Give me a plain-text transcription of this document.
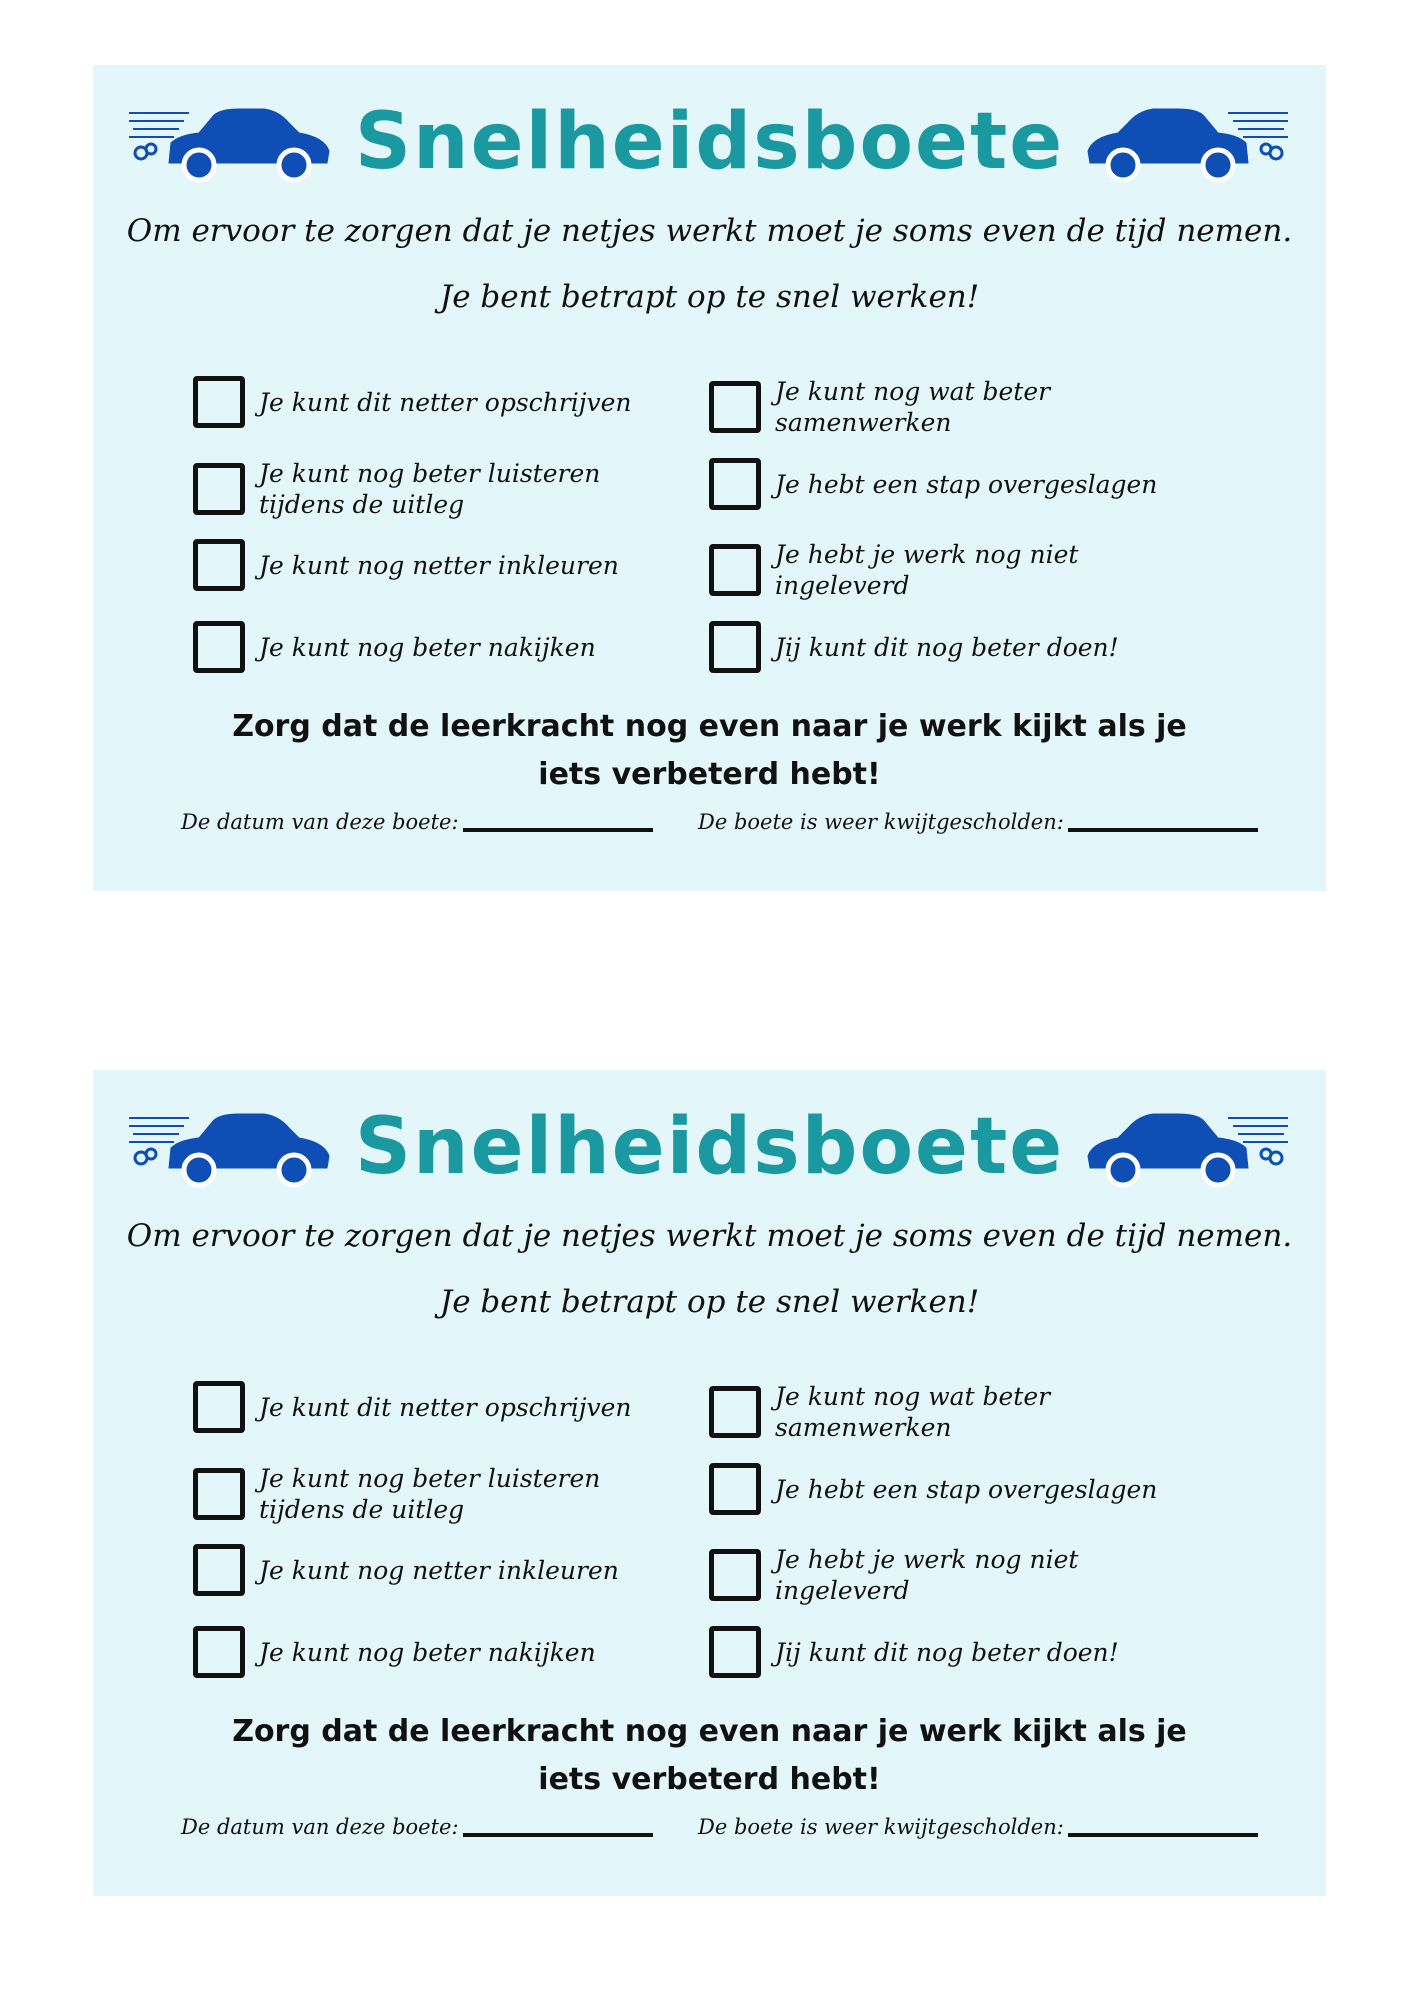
Snelheidsboete
Om ervoor te zorgen dat je netjes werkt moet je soms even de tijd nemen.
Je bent betrapt op te snel werken!
Je kunt dit netter opschrijven	Je kunt nog wat beter samenwerken
Je kunt nog beter luisteren tijdens de uitleg
Je hebt een stap overgeslagen
Je kunt nog netter inkleuren	Je hebt je werk nog niet ingeleverd
Je kunt nog beter nakijken	Jij kunt dit nog beter doen!
Zorg dat de leerkracht nog even naar je werk kijkt als je iets verbeterd hebt!
De datum van deze boete:	De boete is weer kwijtgescholden:
Snelheidsboete
Om ervoor te zorgen dat je netjes werkt moet je soms even de tijd nemen.
Je bent betrapt op te snel werken!
Je kunt dit netter opschrijven	Je kunt nog wat beter samenwerken
Je kunt nog beter luisteren tijdens de uitleg
Je hebt een stap overgeslagen
Je kunt nog netter inkleuren	Je hebt je werk nog niet ingeleverd
Je kunt nog beter nakijken	Jij kunt dit nog beter doen!
Zorg dat de leerkracht nog even naar je werk kijkt als je iets verbeterd hebt!
De datum van deze boete:	De boete is weer kwijtgescholden:
